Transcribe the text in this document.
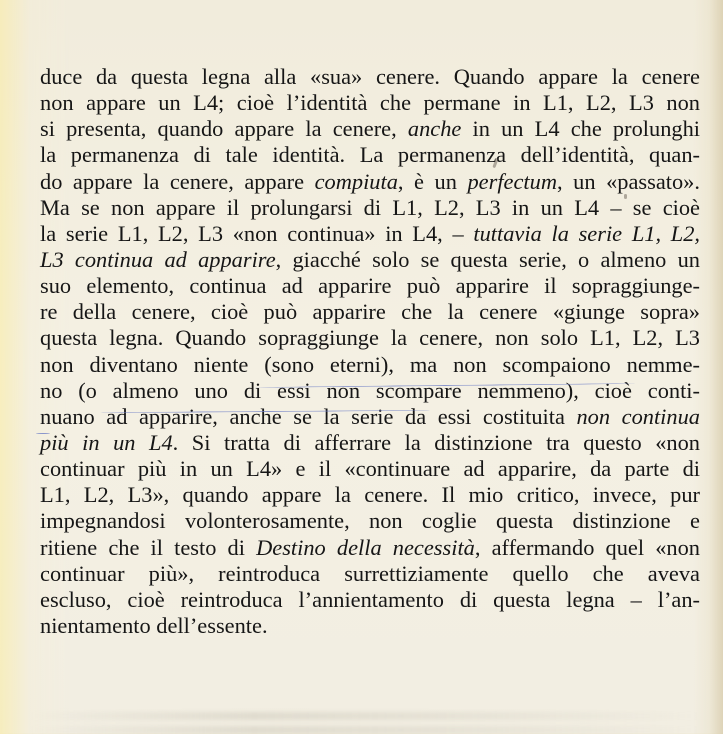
duce da questa legna alla «sua» cenere. Quando appare la cenere
non appare un L4; cioè l’identità che permane in L1, L2, L3 non
si presenta, quando appare la cenere, anche in un L4 che prolunghi
la permanenza di tale identità. La permanenza dell’identità, quan-
do appare la cenere, appare compiuta, è un perfectum, un «passato».
Ma se non appare il prolungarsi di L1, L2, L3 in un L4 – se cioè
la serie L1, L2, L3 «non continua» in L4, – tuttavia la serie L1, L2,
L3 continua ad apparire, giacché solo se questa serie, o almeno un
suo elemento, continua ad apparire può apparire il sopraggiunge-
re della cenere, cioè può apparire che la cenere «giunge sopra»
questa legna. Quando sopraggiunge la cenere, non solo L1, L2, L3
non diventano niente (sono eterni), ma non scompaiono nemme-
no (o almeno uno di essi non scompare nemmeno), cioè conti-
nuano ad apparire, anche se la serie da essi costituita non continua
più in un L4. Si tratta di afferrare la distinzione tra questo «non
continuar più in un L4» e il «continuare ad apparire, da parte di
L1, L2, L3», quando appare la cenere. Il mio critico, invece, pur
impegnandosi volonterosamente, non coglie questa distinzione e
ritiene che il testo di Destino della necessità, affermando quel «non
continuar più», reintroduca surrettiziamente quello che aveva
escluso, cioè reintroduca l’annientamento di questa legna – l’an-
nientamento dell’essente.
